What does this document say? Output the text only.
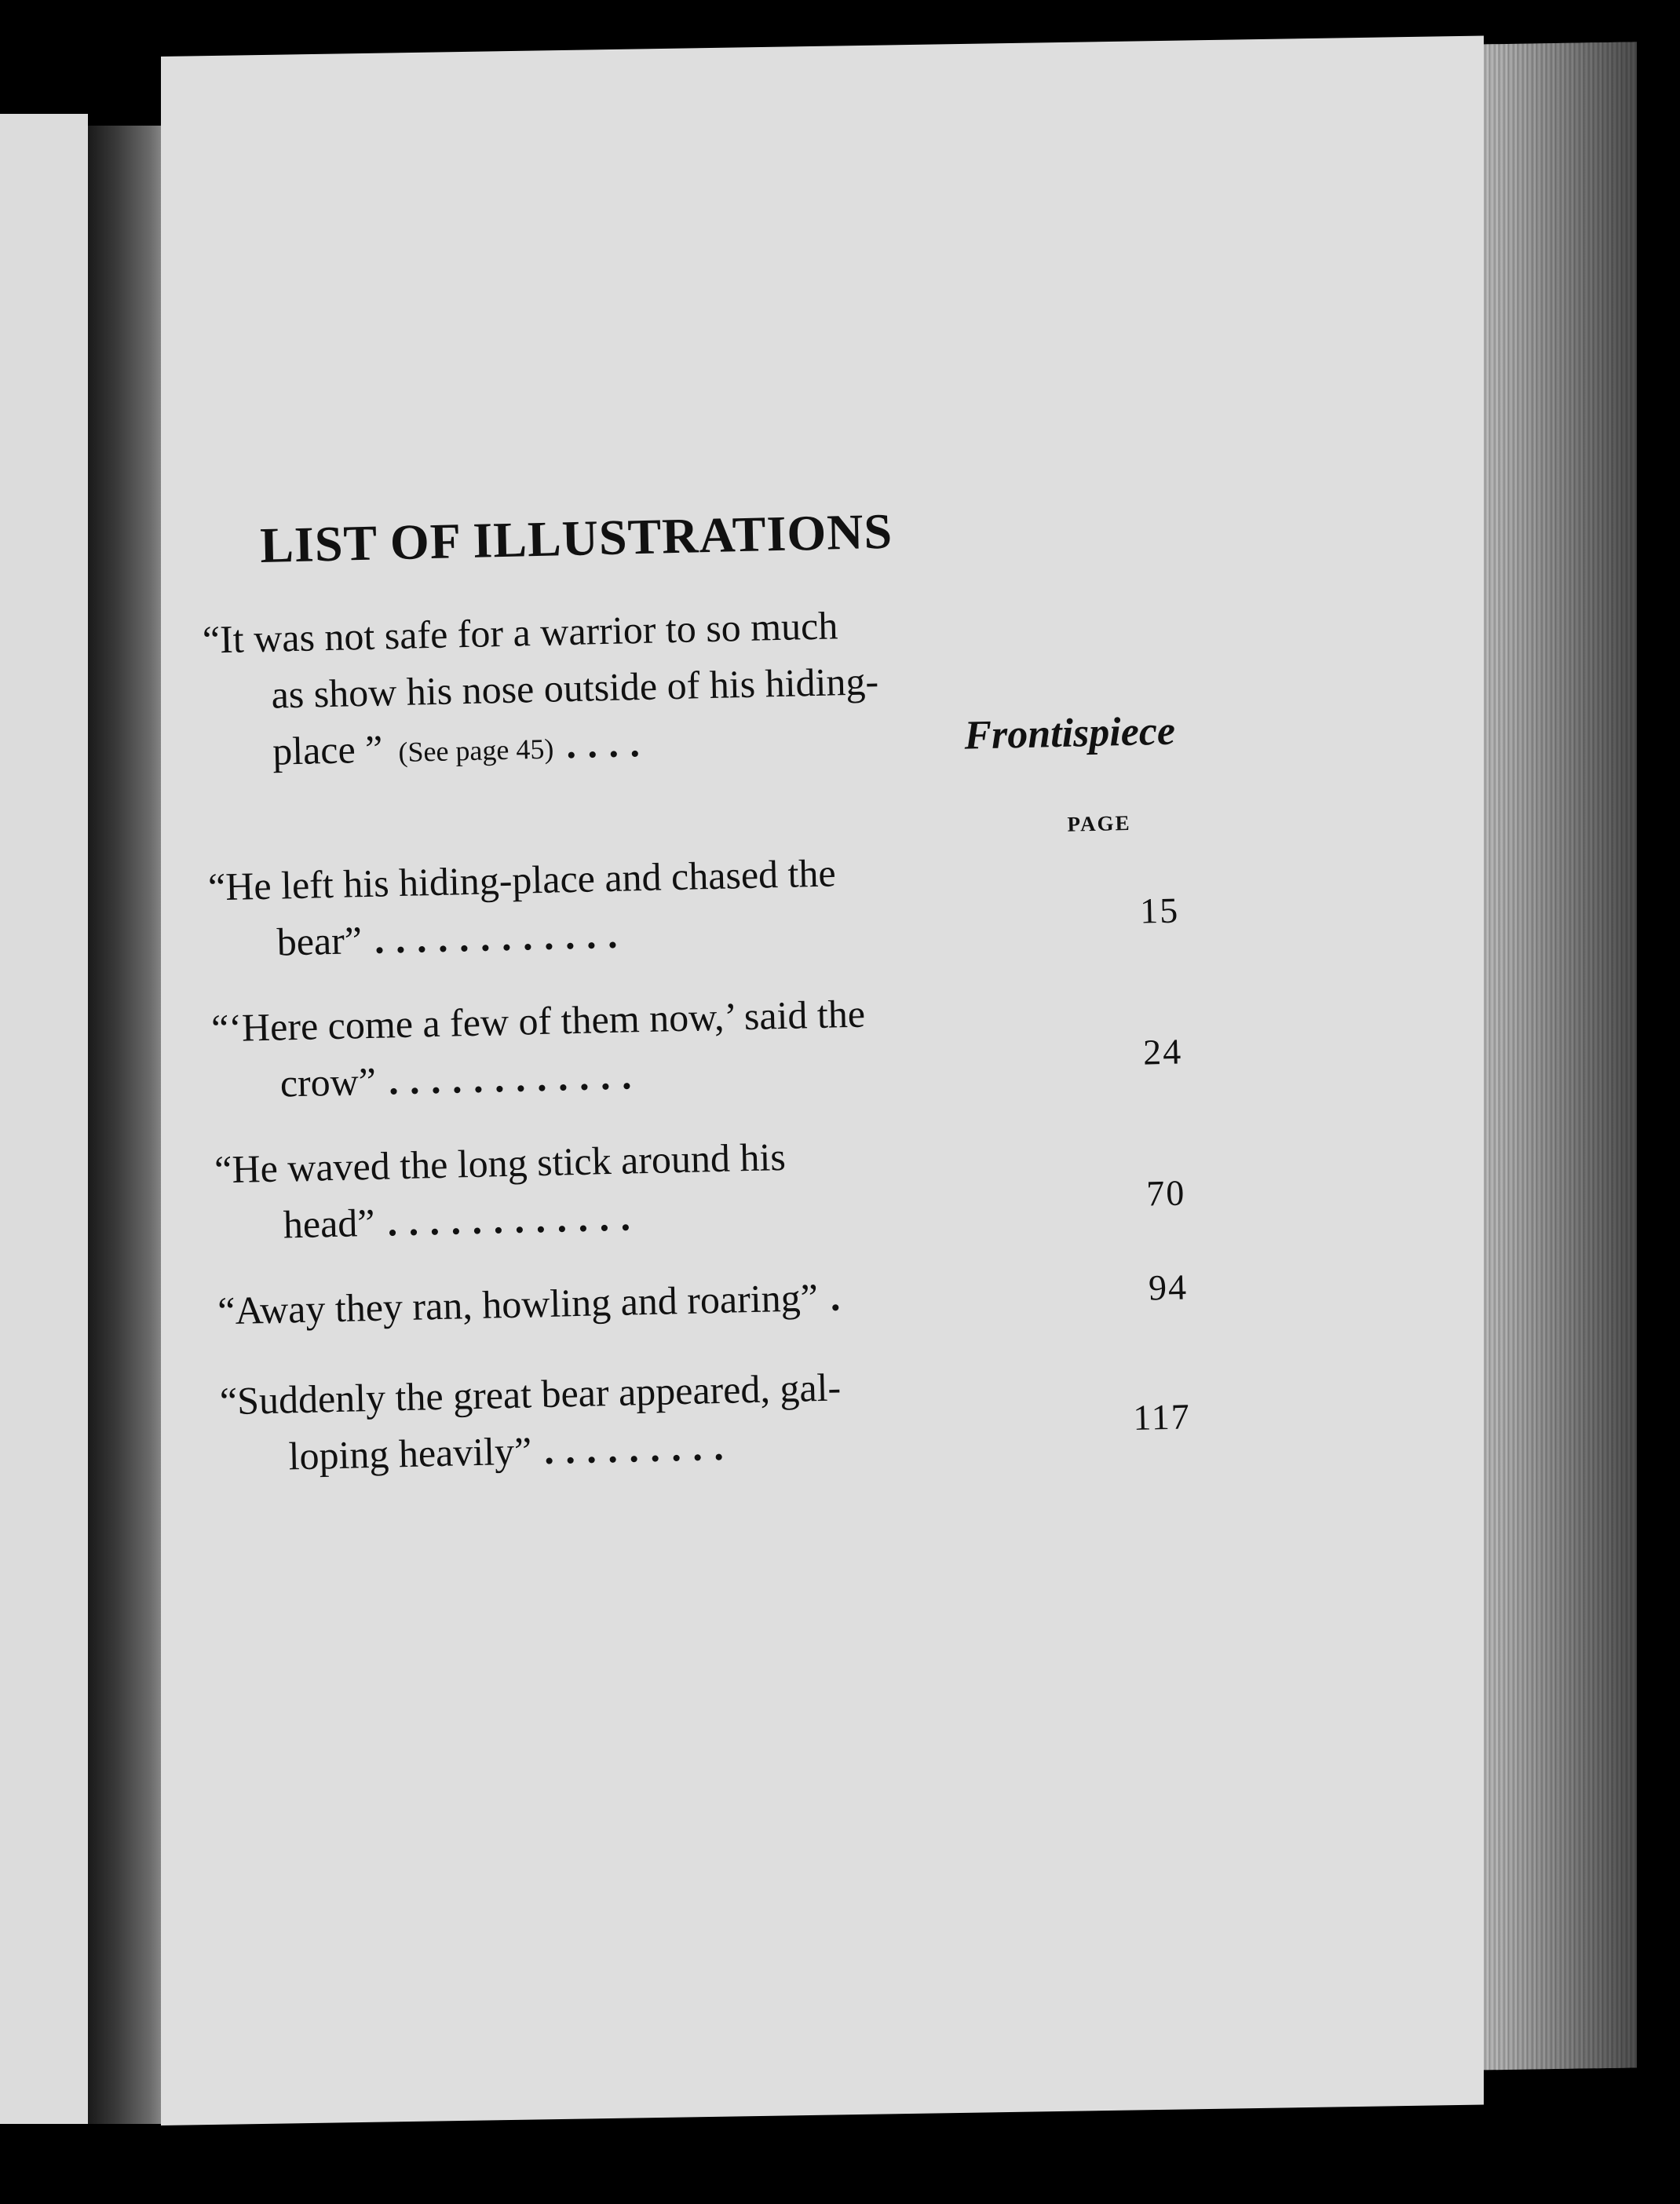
LIST OF ILLUSTRATIONS
“It was not safe for a warrior to so much
as show his nose outside of his hiding-
place ” (See page 45) . . . .	Frontispiece
PAGE
“He left his hiding-place and chased the
bear” . . . . . . . . . . . .
15
“‘Here come a few of them now,’ said the
crow” . . . . . . . . . . . .
24
“He waved the long stick around his
head” . . . . . . . . . . . .
70
“Away they ran, howling and roaring” .	94
“Suddenly the great bear appeared, gal-
loping heavily” . . . . . . . . .
117
